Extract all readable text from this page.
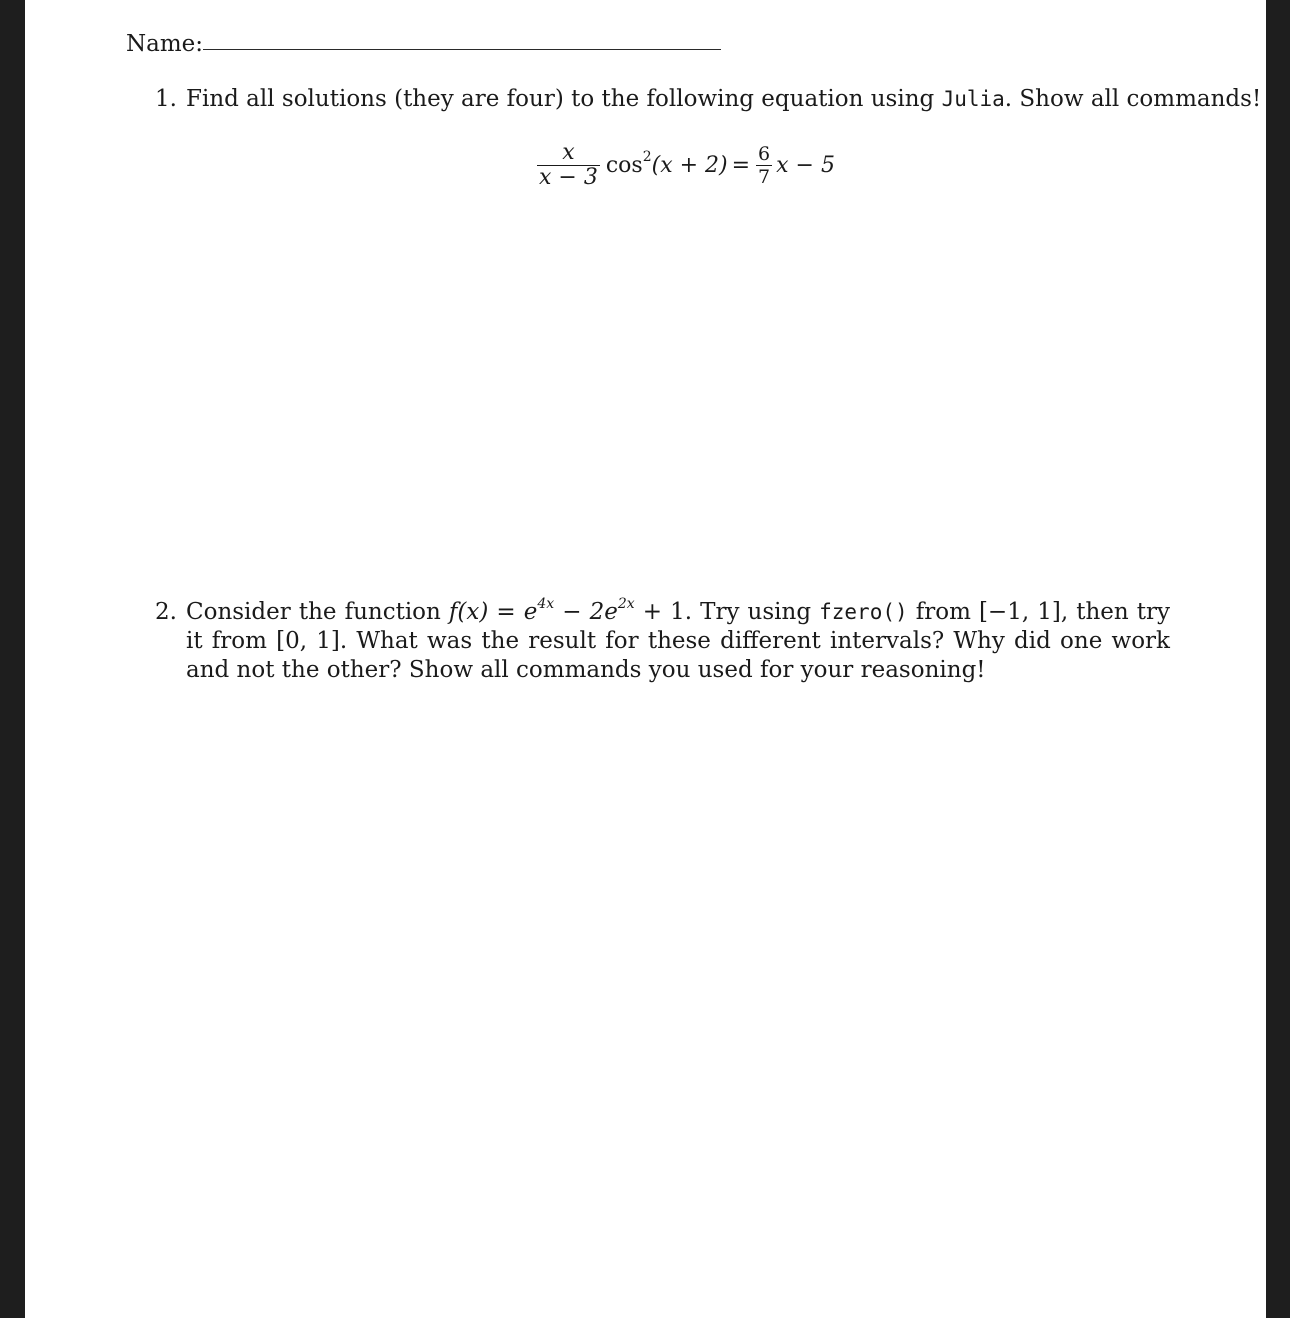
Name:
1. Find all solutions (they are four) to the following equation using Julia. Show all commands!
$\frac{x}{x - 3} \cos^2(x + 2) = \frac{6}{7}$ x − 5
2. Consider the function $f(x) = e^{4x} - 2e^{2x} + 1$. Try using fzero() from [−1, 1], then try it from [0, 1]. What was the result for these different intervals? Why did one work and not the other? Show all commands you used for your reasoning!
